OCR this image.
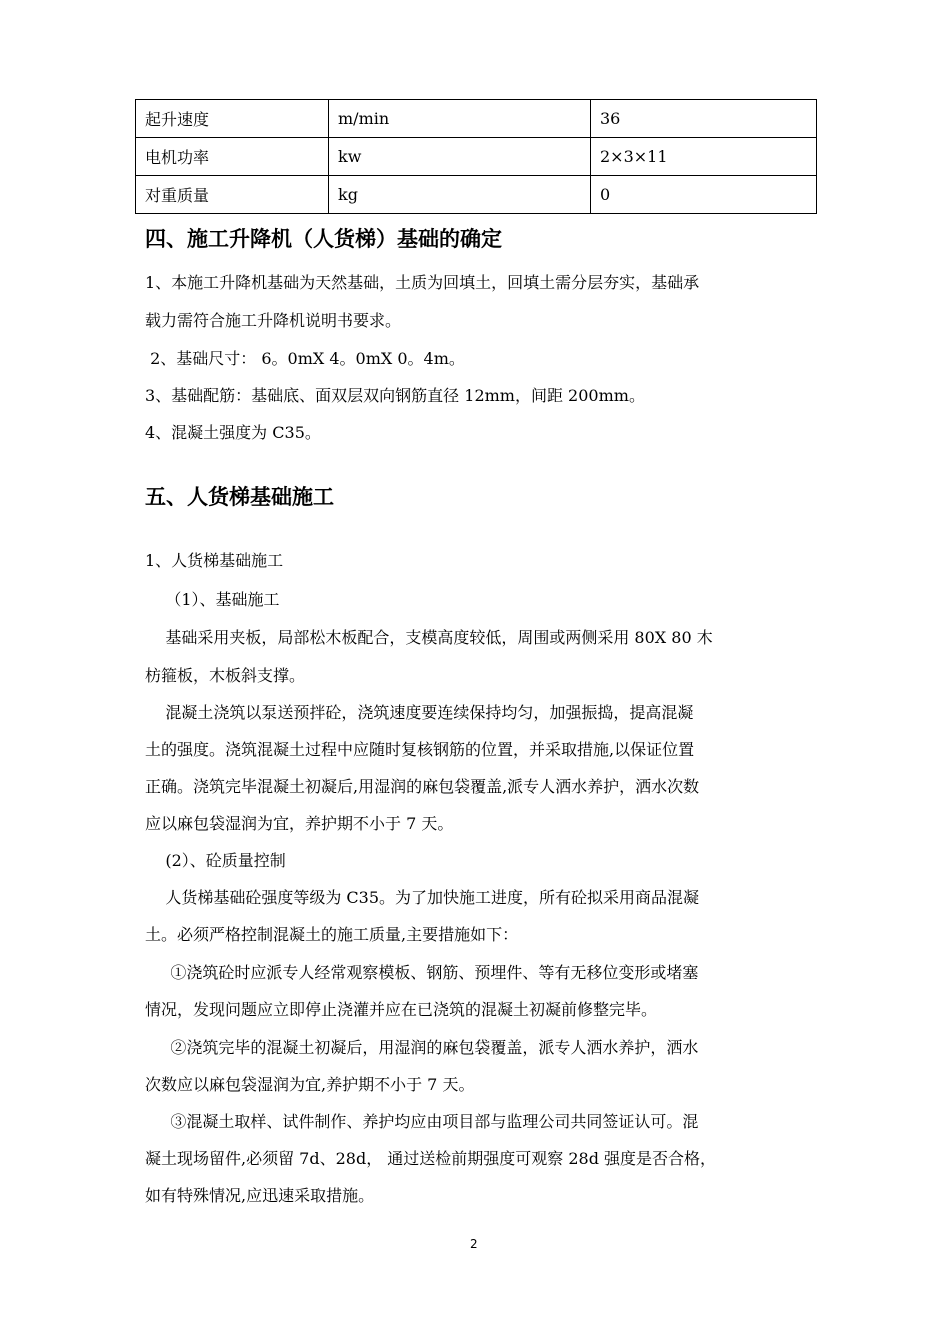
起升速度	m/min	36
电机功率	kw	2×3×11
对重质量	kg	0
四、施工升降机（人货梯）基础的确定
1、本施工升降机基础为天然基础，土质为回填土，回填土需分层夯实，基础承
载力需符合施工升降机说明书要求。
2、基础尺寸： 6。0mX 4。0mX 0。4m。
3、基础配筋：基础底、面双层双向钢筋直径 12mm，间距 200mm。
4、混凝土强度为 C35。
五、人货梯基础施工
1、人货梯基础施工
（1）、基础施工
基础采用夹板，局部松木板配合，支模高度较低，周围或两侧采用 80X 80 木
枋箍板，木板斜支撑。
混凝土浇筑以泵送预拌砼，浇筑速度要连续保持均匀，加强振捣，提高混凝
土的强度。浇筑混凝土过程中应随时复核钢筋的位置，并采取措施,以保证位置
正确。浇筑完毕混凝土初凝后,用湿润的麻包袋覆盖,派专人洒水养护，洒水次数
应以麻包袋湿润为宜，养护期不小于 7 天。
(2）、砼质量控制
人货梯基础砼强度等级为 C35。为了加快施工进度，所有砼拟采用商品混凝
土。必须严格控制混凝土的施工质量,主要措施如下：
①浇筑砼时应派专人经常观察模板、钢筋、预埋件、等有无移位变形或堵塞
情况，发现问题应立即停止浇灌并应在已浇筑的混凝土初凝前修整完毕。
②浇筑完毕的混凝土初凝后，用湿润的麻包袋覆盖，派专人洒水养护，洒水
次数应以麻包袋湿润为宜,养护期不小于 7 天。
③混凝土取样、试件制作、养护均应由项目部与监理公司共同签证认可。混
凝土现场留件,必须留 7d、28d， 通过送检前期强度可观察 28d 强度是否合格，
如有特殊情况,应迅速采取措施。
2
